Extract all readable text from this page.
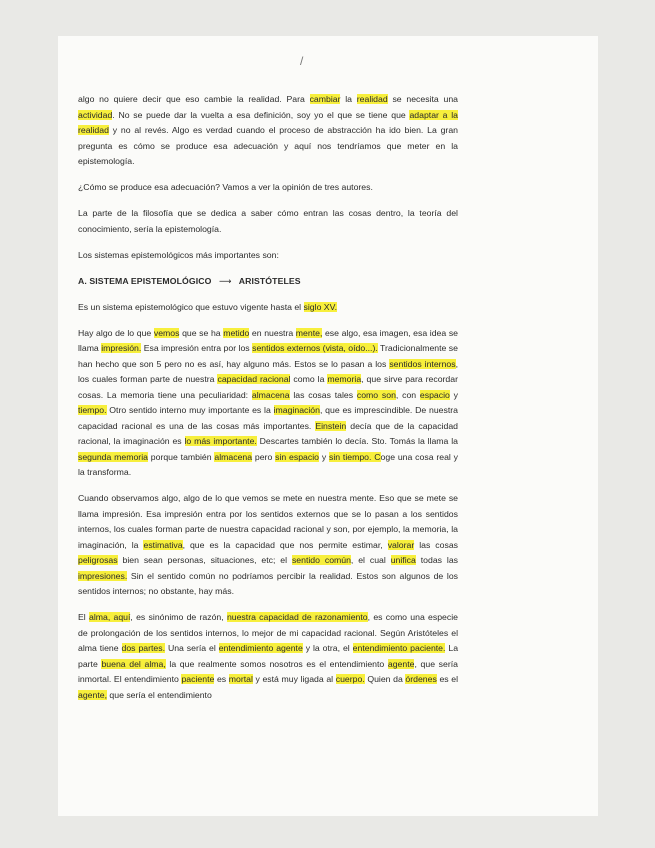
/

algo no quiere decir que eso cambie la realidad. Para cambiar la realidad se necesita una actividad. No se puede dar la vuelta a esa definición, soy yo el que se tiene que adaptar a la realidad y no al revés. Algo es verdad cuando el proceso de abstracción ha ido bien. La gran pregunta es cómo se produce esa adecuación y aquí nos tendríamos que meter en la epistemología.

¿Cómo se produce esa adecuación? Vamos a ver la opinión de tres autores.

La parte de la filosofía que se dedica a saber cómo entran las cosas dentro, la teoría del conocimiento, sería la epistemología.

Los sistemas epistemológicos más importantes son:

A. SISTEMA EPISTEMOLÓGICO ⟶ ARISTÓTELES

Es un sistema epistemológico que estuvo vigente hasta el siglo XV.

Hay algo de lo que vemos que se ha metido en nuestra mente, ese algo, esa imagen, esa idea se llama impresión. Esa impresión entra por los sentidos externos (vista, oído...). Tradicionalmente se han hecho que son 5 pero no es así, hay alguno más. Estos se lo pasan a los sentidos internos, los cuales forman parte de nuestra capacidad racional como la memoria, que sirve para recordar cosas. La memoria tiene una peculiaridad: almacena las cosas tales como son, con espacio y tiempo. Otro sentido interno muy importante es la imaginación, que es imprescindible. De nuestra capacidad racional es una de las cosas más importantes. Einstein decía que de la capacidad racional, la imaginación es lo más importante. Descartes también lo decía. Sto. Tomás la llama la segunda memoria porque también almacena pero sin espacio y sin tiempo. Coge una cosa real y la transforma.

Cuando observamos algo, algo de lo que vemos se mete en nuestra mente. Eso que se mete se llama impresión. Esa impresión entra por los sentidos externos que se lo pasan a los sentidos internos, los cuales forman parte de nuestra capacidad racional y son, por ejemplo, la memoria, la imaginación, la estimativa, que es la capacidad que nos permite estimar, valorar las cosas peligrosas bien sean personas, situaciones, etc; el sentido común, el cual unifica todas las impresiones. Sin el sentido común no podríamos percibir la realidad. Estos son algunos de los sentidos internos; no obstante, hay más.

El alma, aquí, es sinónimo de razón, nuestra capacidad de razonamiento, es como una especie de prolongación de los sentidos internos, lo mejor de mi capacidad racional. Según Aristóteles el alma tiene dos partes. Una sería el entendimiento agente y la otra, el entendimiento paciente. La parte buena del alma, la que realmente somos nosotros es el entendimiento agente, que sería inmortal. El entendimiento paciente es mortal y está muy ligada al cuerpo. Quien da órdenes es el agente, que sería el entendimiento
